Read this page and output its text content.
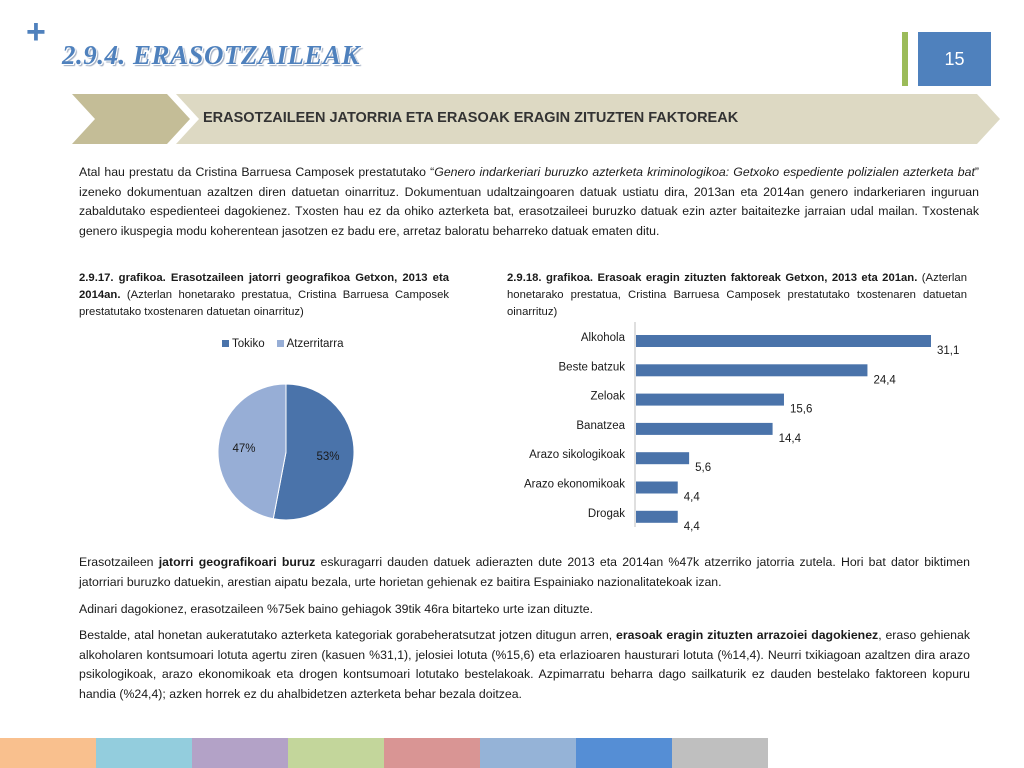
+
2.9.4. ERASOTZAILEAK	15
ERASOTZAILEEN JATORRIA ETA ERASOAK ERAGIN ZITUZTEN FAKTOREAK
Atal hau prestatu da Cristina Barruesa Camposek prestatutako “Genero indarkeriari buruzko azterketa kriminologikoa: Getxoko espediente polizialen azterketa bat” izeneko dokumentuan azaltzen diren datuetan oinarrituz. Dokumentuan udaltzaingoaren datuak ustiatu dira, 2013an eta 2014an genero indarkeriaren inguruan zabaldutako espedienteei dagokienez. Txosten hau ez da ohiko azterketa bat, erasotzaileei buruzko datuak ezin azter baitaitezke jarraian udal mailan. Txostenak genero ikuspegia modu koherentean jasotzen ez badu ere, arretaz baloratu beharreko datuak ematen ditu.
2.9.17. grafikoa. Erasotzaileen jatorri geografikoa Getxon, 2013 eta 2014an. (Azterlan honetarako prestatua, Cristina Barruesa Camposek prestatutako txostenaren datuetan oinarrituz)
2.9.18. grafikoa. Erasoak eragin zituzten faktoreak Getxon, 2013 eta 201an. (Azterlan honetarako prestatua, Cristina Barruesa Camposek prestatutako txostenaren datuetan oinarrituz)
Tokiko	Atzerritarra
53%
47%
Alkohola
31,1
Beste batzuk
24,4
Zeloak
15,6
Banatzea
14,4
Arazo sikologikoak
5,6
Arazo ekonomikoak
4,4
Drogak
4,4
Erasotzaileen jatorri geografikoari buruz eskuragarri dauden datuek adierazten dute 2013 eta 2014an %47k atzerriko jatorria zutela. Hori bat dator biktimen jatorriari buruzko datuekin, arestian aipatu bezala, urte horietan gehienak ez baitira Espainiako nazionalitatekoak izan.
Adinari dagokionez, erasotzaileen %75ek baino gehiagok 39tik 46ra bitarteko urte izan dituzte.
Bestalde, atal honetan aukeratutako azterketa kategoriak gorabeheratsutzat jotzen ditugun arren, erasoak eragin zituzten arrazoiei dagokienez, eraso gehienak alkoholaren kontsumoari lotuta agertu ziren (kasuen %31,1), jelosiei lotuta (%15,6) eta erlazioaren hausturari lotuta (%14,4). Neurri txikiagoan azaltzen dira arazo psikologikoak, arazo ekonomikoak eta drogen kontsumoari lotutako bestelakoak. Azpimarratu beharra dago sailkaturik ez dauden bestelako faktoreen kopuru handia (%24,4); azken horrek ez du ahalbidetzen azterketa behar bezala doitzea.
